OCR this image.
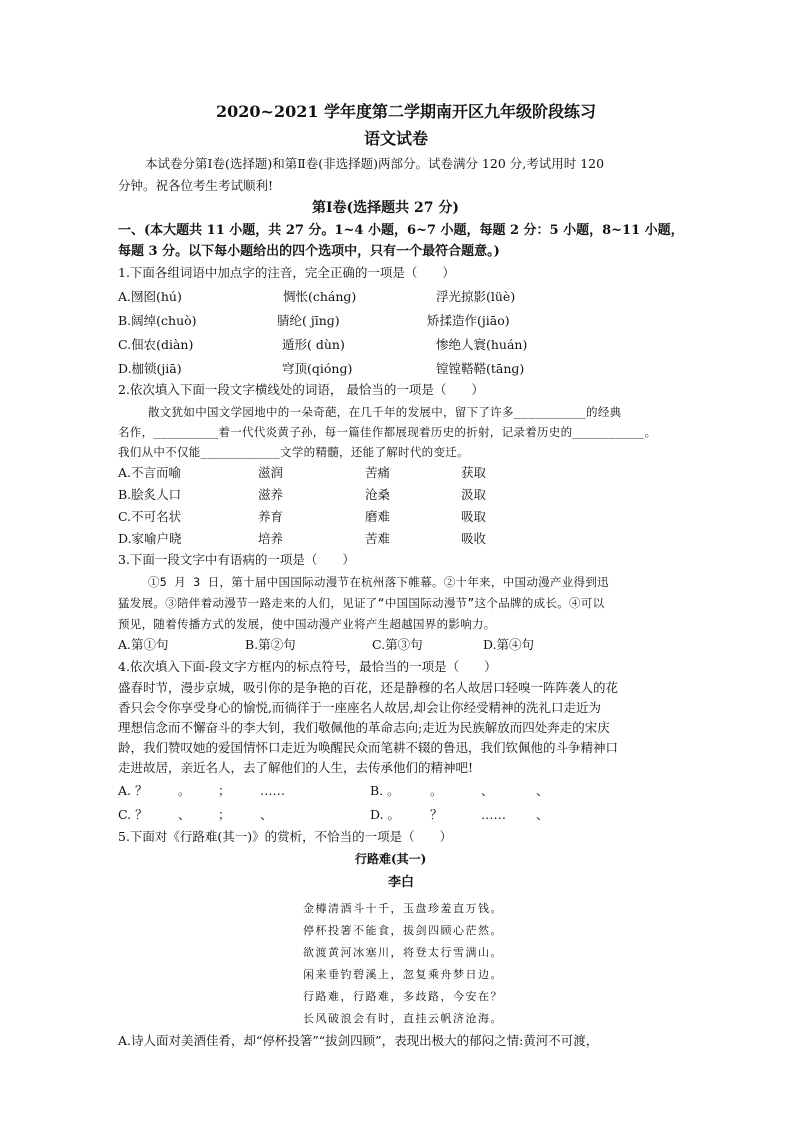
2020~2021 学年度第二学期南开区九年级阶段练习
语文试卷
本试卷分第Ⅰ卷(选择题)和第Ⅱ卷(非选择题)两部分。试卷满分 120 分,考试用时 120
分钟。祝各位考生考试顺利!
第Ⅰ卷(选择题共 27 分)
一、(本大题共 11 小题，共 27 分。1~4 小题，6~7 小题，每题 2 分：5 小题，8~11 小题，
每题 3 分。以下每小题给出的四个选项中，只有一个最符合题意。)
1.下面各组词语中加点字的注音，完全正确的一项是（　　）
A.囫囵(hú)	惆怅(chánɡ)	浮光掠影(lüè)
B.阔绰(chuò)	腈纶( jīnɡ)	矫揉造作(jiāo)
C.佃农(diàn)	遁形( dùn)	惨绝人寰(huán)
D.枷锁(jiā)	穹顶(qiónɡ)	镗镗鞳鞳(tānɡ)
2.依次填入下面一段文字横线处的词语， 最恰当的一项是（　　）
散文犹如中国文学园地中的一朵奇葩，在几千年的发展中，留下了许多__________的经典
名作，_________着一代代炎黄子孙，每一篇佳作都展现着历史的折射，记录着历史的__________。
我们从中不仅能___________文学的精髓，还能了解时代的变迁。
A.不言而喻	滋润	苦痛	获取
B.脍炙人口	滋养	沧桑	汲取
C.不可名状	养育	磨难	吸取
D.家喻户晓	培养	苦难	吸收
3.下面一段文字中有语病的一项是（　　）
①5 月 3 日，第十届中国国际动漫节在杭州落下帷幕。②十年来，中国动漫产业得到迅
猛发展。③陪伴着动漫节一路走来的人们，见证了“中国国际动漫节”这个品牌的成长。④可以
预见，随着传播方式的发展，使中国动漫产业将产生超越国界的影响力。
A.第①句	B.第②句	C.第③句	D.第④句
4.依次填入下面-段文字方框内的标点符号，最恰当的一项是（　　）
盛春时节，漫步京城，吸引你的是争艳的百花，还是静穆的名人故居口轻嗅一阵阵袭人的花
香只会令你享受身心的愉悦,而徜徉于一座座名人故居,却会让你经受精神的洗礼口走近为
理想信念而不懈奋斗的李大钊，我们敬佩他的革命志向;走近为民族解放而四处奔走的宋庆
龄，我们赞叹她的爱国情怀口走近为唤醒民众而笔耕不辍的鲁迅，我们钦佩他的斗争精神口
走进故居，亲近名人，去了解他们的人生，去传承他们的精神吧!
A. ？ 。 ； ……	B. 。 。	、	、
C. ？ 、 ； 、	D. 。 ？	…… 、
5.下面对《行路难(其一)》的赏析，不恰当的一项是（　　）
行路难(其一)
李白
金樽清酒斗十千，玉盘珍羞直万钱。
停杯投箸不能食，拔剑四顾心茫然。
欲渡黄河冰塞川，将登太行雪满山。
闲来垂钓碧溪上，忽复乘舟梦日边。
行路难，行路难，多歧路，今安在？
长风破浪会有时，直挂云帆济沧海。
A.诗人面对美酒佳肴，却“停杯投箸”“拔剑四顾”，表现出极大的郁闷之情:黄河不可渡，
